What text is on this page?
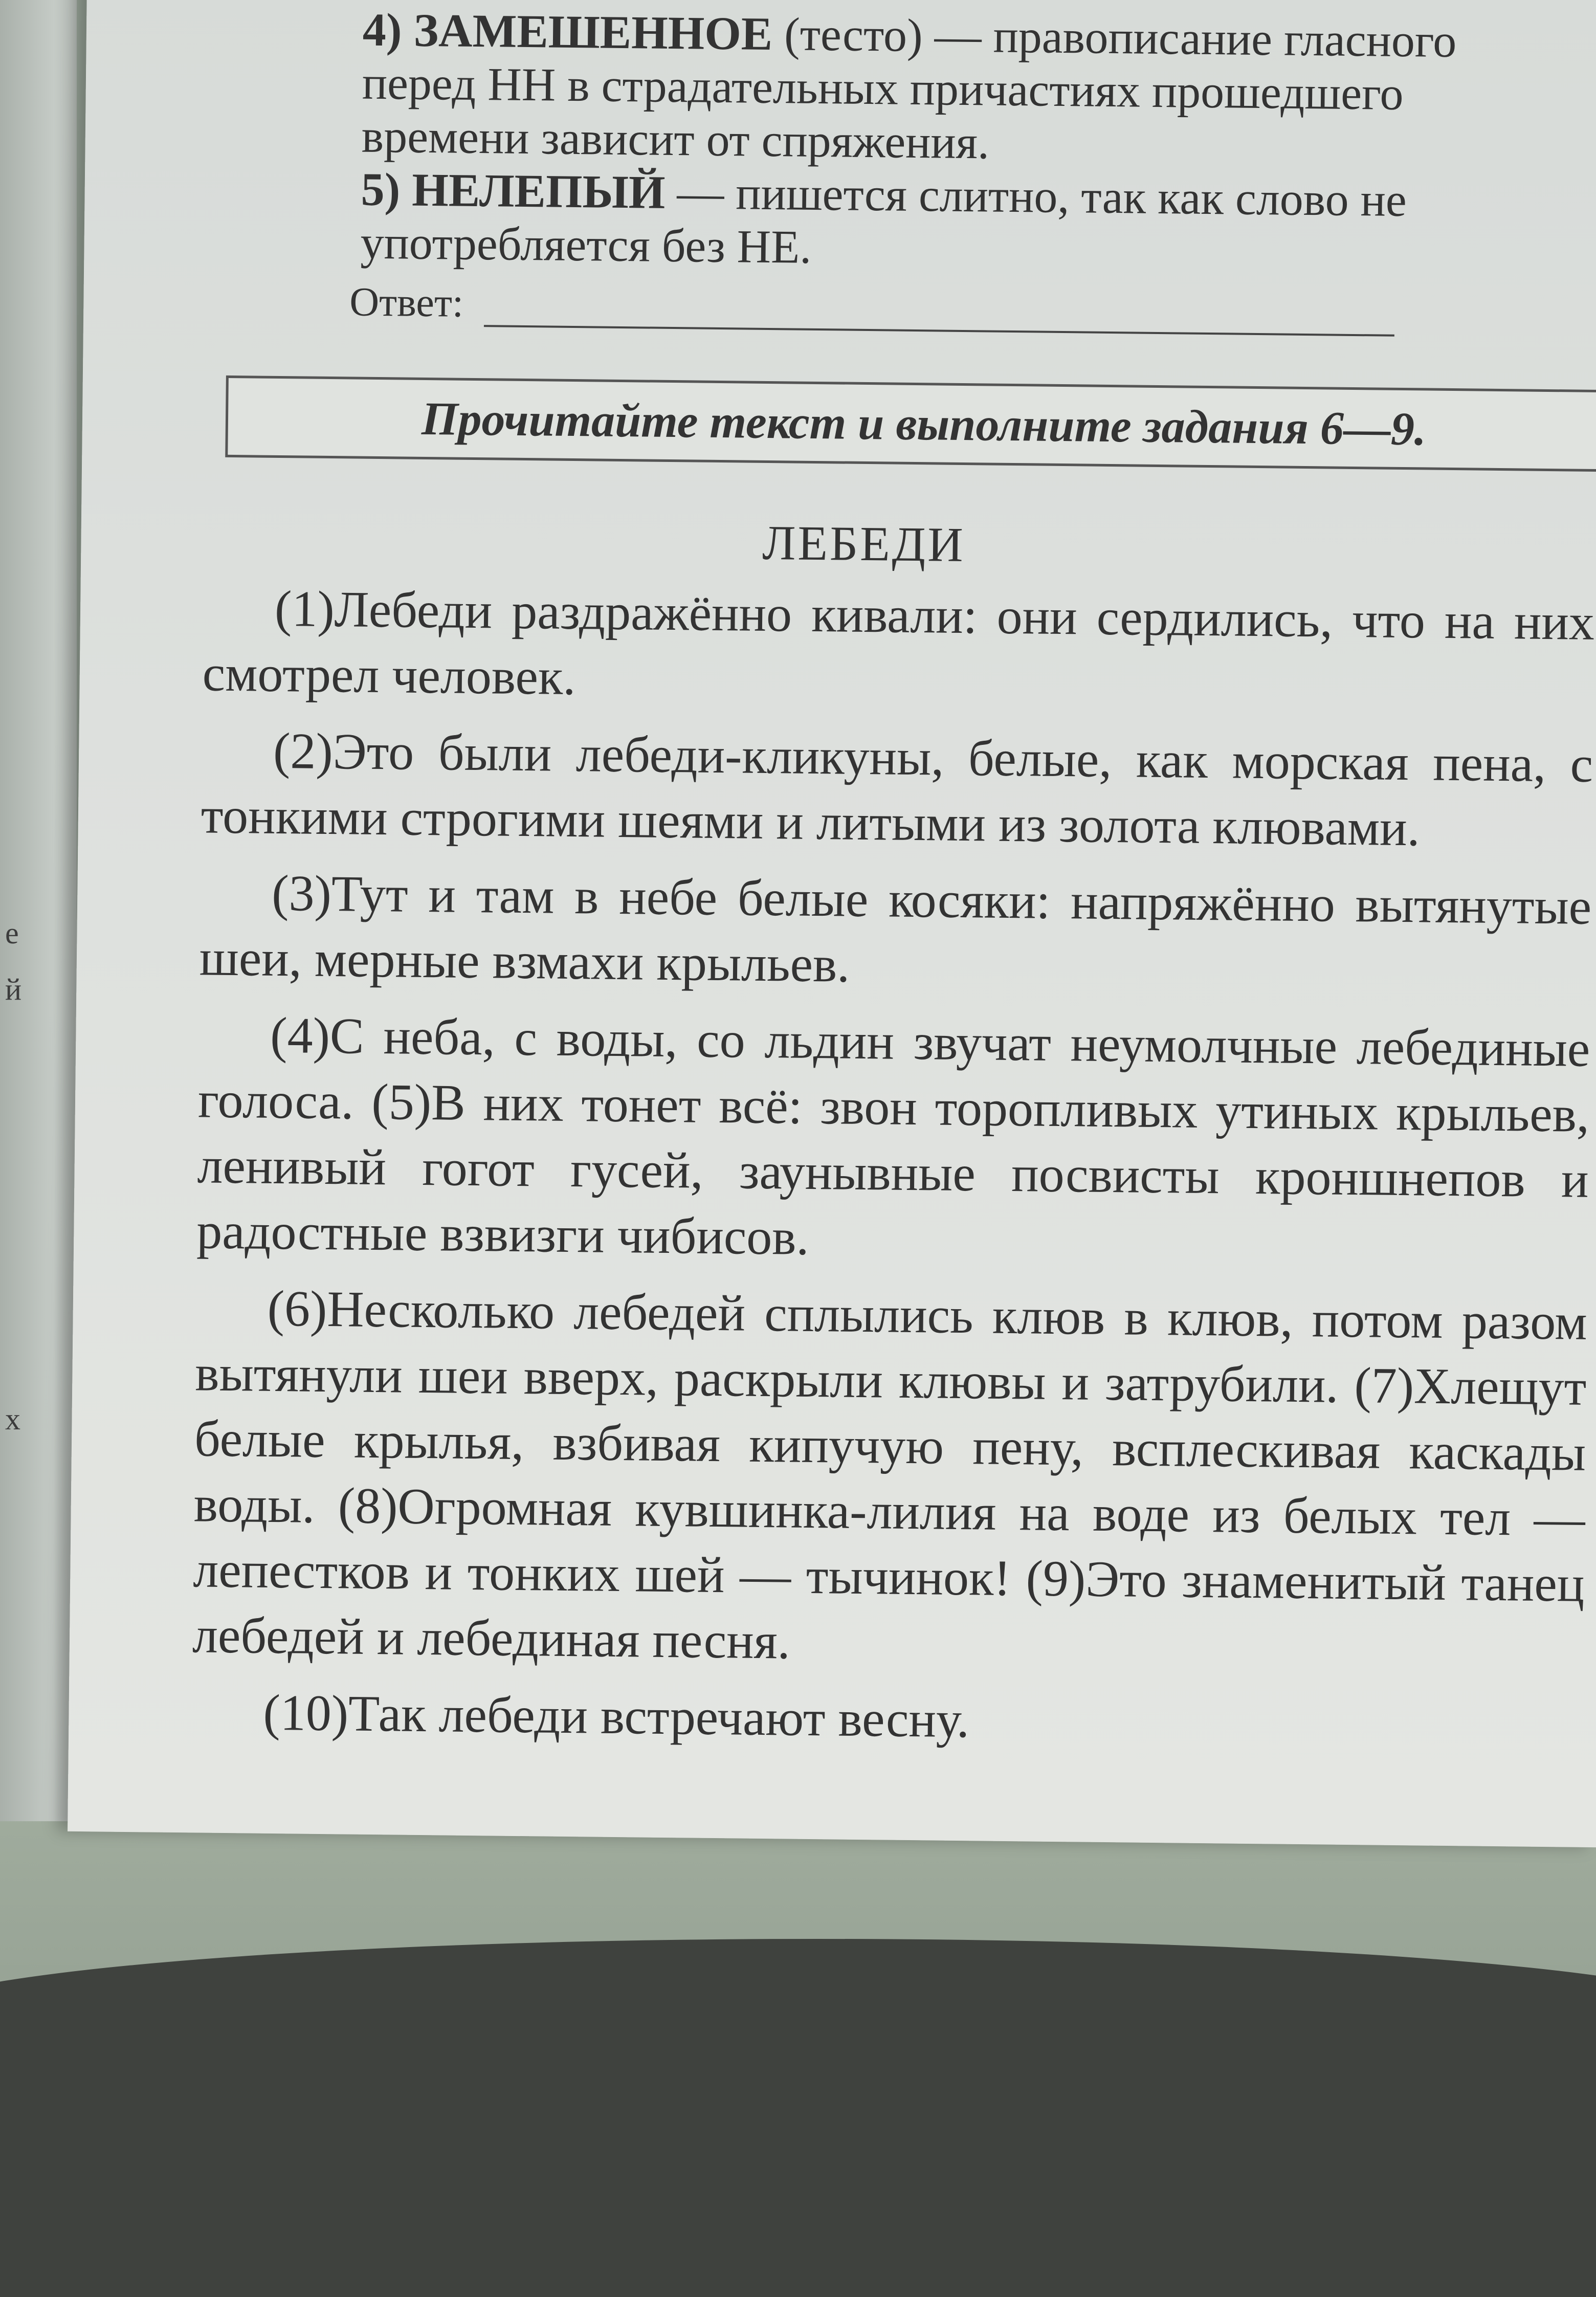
е
й
х

4) ЗАМЕШЕННОЕ (тесто) — правописание гласного перед НН в страдательных причастиях прошедшего времени зависит от спряжения.

5) НЕЛЕПЫЙ — пишется слитно, так как слово не употребляется без НЕ.

Ответ:
Прочитайте текст и выполните задания 6—9.
ЛЕБЕДИ

(1)Лебеди раздражённо кивали: они сердились, что на них смотрел человек.

(2)Это были лебеди-кликуны, белые, как морская пена, с тонкими строгими шеями и литыми из золота клювами.

(3)Тут и там в небе белые косяки: напряжённо вытянутые шеи, мерные взмахи крыльев.

(4)С неба, с воды, со льдин звучат неумолчные лебединые голоса. (5)В них тонет всё: звон торопливых утиных крыльев, ленивый гогот гусей, заунывные посвисты кроншнепов и радостные взвизги чибисов.

(6)Несколько лебедей сплылись клюв в клюв, потом разом вытянули шеи вверх, раскрыли клювы и затрубили. (7)Хлещут белые крылья, взбивая кипучую пену, всплескивая каскады воды. (8)Огромная кувшинка-лилия на воде из белых тел — лепестков и тонких шей — тычинок! (9)Это знаменитый танец лебедей и лебединая песня.

(10)Так лебеди встречают весну.
